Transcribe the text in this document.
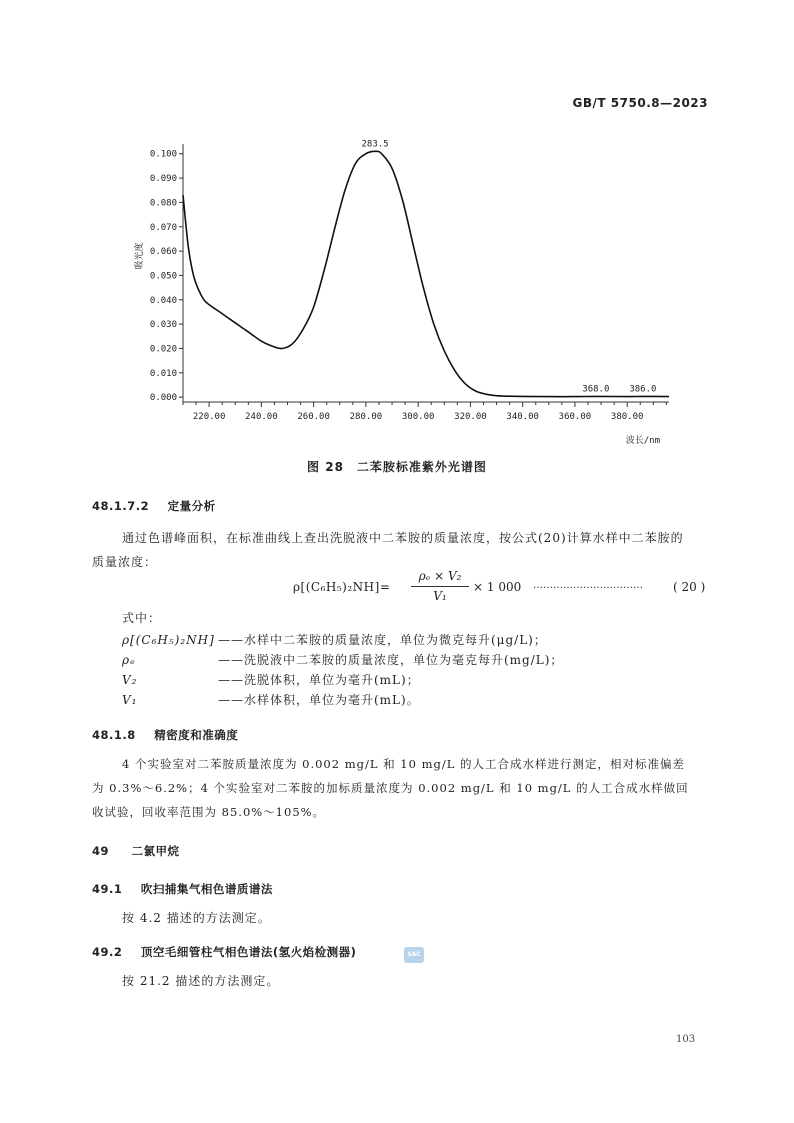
GB/T 5750.8—2023
0.000
0.010
0.020
0.030
0.040
0.050
0.060
0.070
0.080
0.090
0.100
220.00 240.00 260.00 280.00 300.00 320.00 340.00 360.00 380.00
波长/nm
吸光度
283.5
368.0 386.0
图 28　二苯胺标准紫外光谱图
48.1.7.2 定量分析
通过色谱峰面积，在标准曲线上查出洗脱液中二苯胺的质量浓度，按公式(20)计算水样中二苯胺的
质量浓度：
ρ[(C₆H₅)₂NH]=
ρₑ × V₂
V₁
× 1 000 ……………………………	( 20 )
式中：
ρ[(C₆H₅)₂NH] ——水样中二苯胺的质量浓度，单位为微克每升(μg/L)；
ρₑ	——洗脱液中二苯胺的质量浓度，单位为毫克每升(mg/L)；
V₂	——洗脱体积，单位为毫升(mL)；
V₁	——水样体积，单位为毫升(mL)。
48.1.8 精密度和准确度
4 个实验室对二苯胺质量浓度为 0.002 mg/L 和 10 mg/L 的人工合成水样进行测定，相对标准偏差
为 0.3%～6.2%；4 个实验室对二苯胺的加标质量浓度为 0.002 mg/L 和 10 mg/L 的人工合成水样做回
收试验，回收率范围为 85.0%～105%。
49 二氯甲烷
49.1 吹扫捕集气相色谱质谱法
按 4.2 描述的方法测定。
49.2 顶空毛细管柱气相色谱法(氢火焰检测器)	SAC
按 21.2 描述的方法测定。
103
